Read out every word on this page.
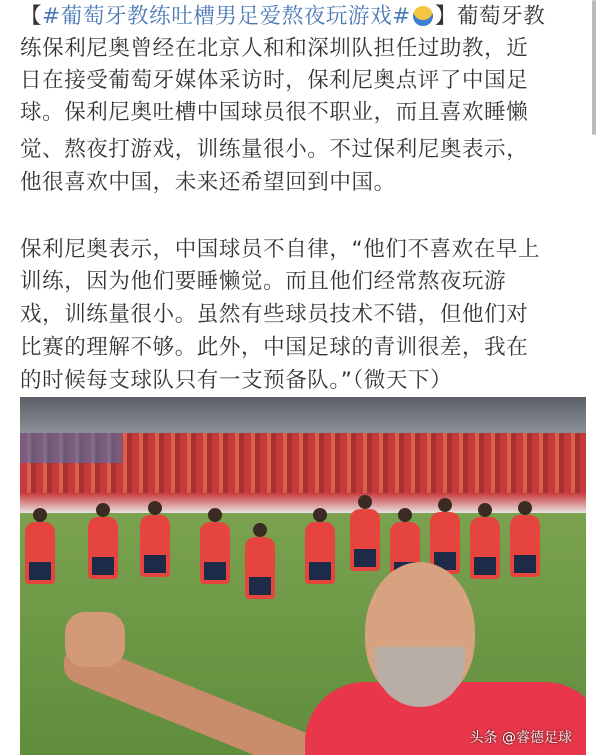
【#葡萄牙教练吐槽男足爱熬夜玩游戏# 】葡萄牙教
练保利尼奥曾经在北京人和和深圳队担任过助教，近
日在接受葡萄牙媒体采访时，保利尼奥点评了中国足
球。保利尼奥吐槽中国球员很不职业，而且喜欢睡懒
觉、熬夜打游戏，训练量很小。不过保利尼奥表示，
他很喜欢中国，未来还希望回到中国。
保利尼奥表示，中国球员不自律，“他们不喜欢在早上
训练，因为他们要睡懒觉。而且他们经常熬夜玩游
戏，训练量很小。虽然有些球员技术不错，但他们对
比赛的理解不够。此外，中国足球的青训很差，我在
的时候每支球队只有一支预备队。”（微天下）
头条 @睿德足球
